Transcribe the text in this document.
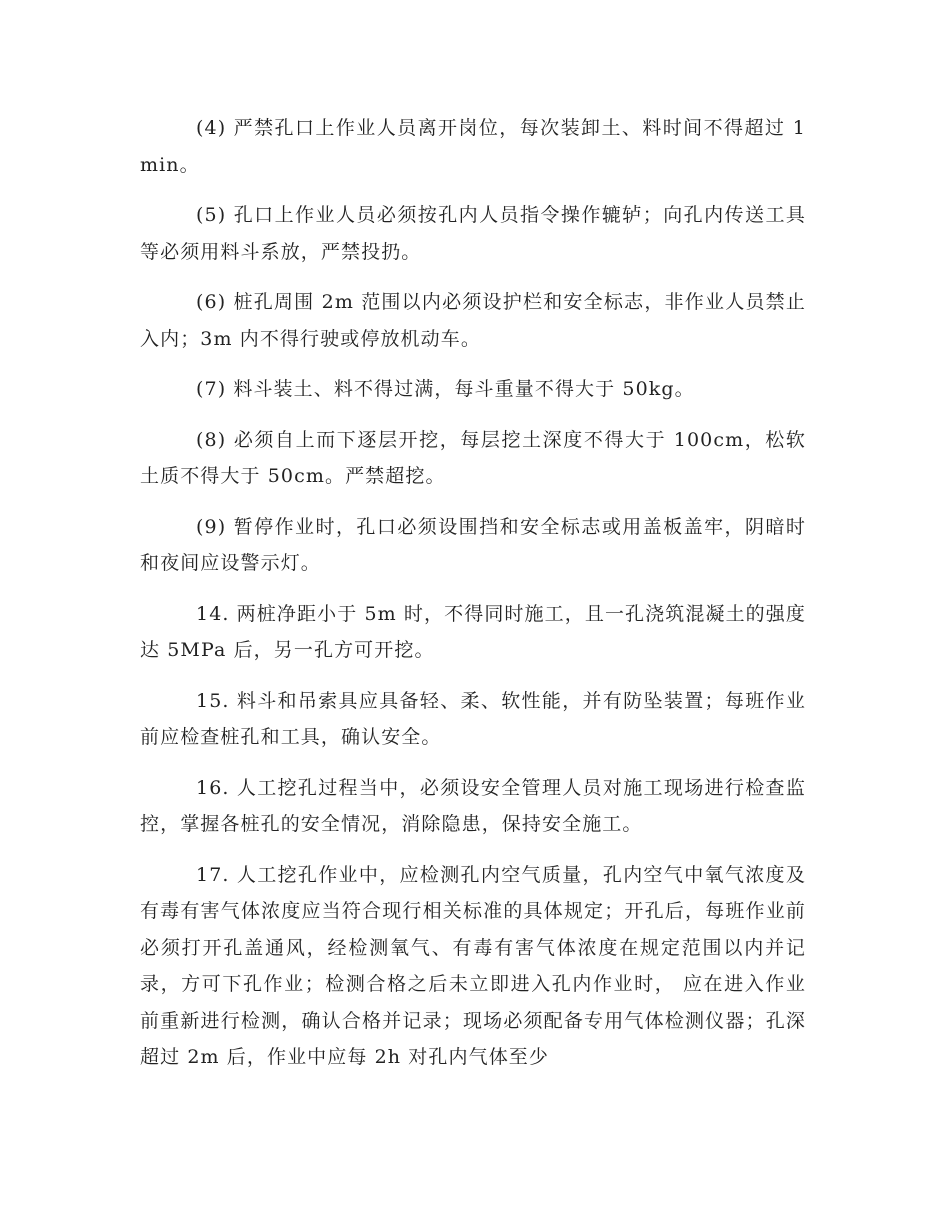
(4) 严禁孔口上作业人员离开岗位，每次装卸土、料时间不得超过 1min。

(5) 孔口上作业人员必须按孔内人员指令操作辘轳；向孔内传送工具等必须用料斗系放，严禁投扔。

(6) 桩孔周围 2m 范围以内必须设护栏和安全标志，非作业人员禁止入内；3m 内不得行驶或停放机动车。

(7) 料斗装土、料不得过满，每斗重量不得大于 50kg。

(8) 必须自上而下逐层开挖，每层挖土深度不得大于 100cm，松软土质不得大于 50cm。严禁超挖。

(9) 暂停作业时，孔口必须设围挡和安全标志或用盖板盖牢，阴暗时和夜间应设警示灯。

14. 两桩净距小于 5m 时，不得同时施工，且一孔浇筑混凝土的强度达 5MPa 后，另一孔方可开挖。

15. 料斗和吊索具应具备轻、柔、软性能，并有防坠装置；每班作业前应检查桩孔和工具，确认安全。

16. 人工挖孔过程当中，必须设安全管理人员对施工现场进行检查监控，掌握各桩孔的安全情况，消除隐患，保持安全施工。

17. 人工挖孔作业中，应检测孔内空气质量，孔内空气中氧气浓度及有毒有害气体浓度应当符合现行相关标准的具体规定；开孔后，每班作业前必须打开孔盖通风，经检测氧气、有毒有害气体浓度在规定范围以内并记录，方可下孔作业；检测合格之后未立即进入孔内作业时， 应在进入作业前重新进行检测，确认合格并记录；现场必须配备专用气体检测仪器；孔深超过 2m 后，作业中应每 2h 对孔内气体至少
